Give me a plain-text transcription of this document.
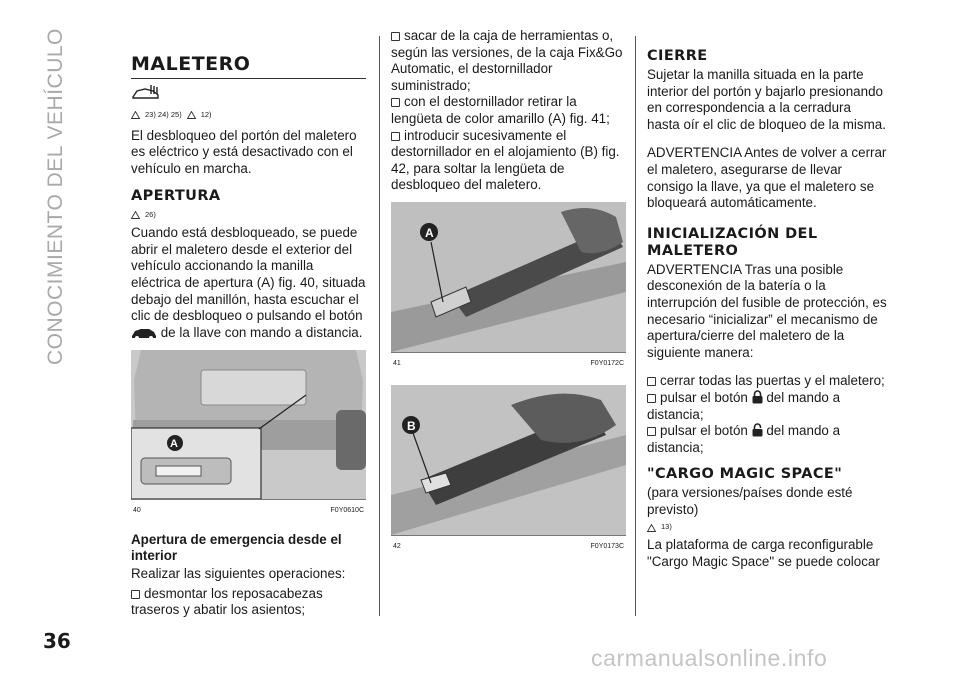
CONOCIMIENTO DEL VEHÍCULO
36
carmanualsonline.info
MALETERO
23) 24) 25)	12)

El desbloqueo del portón del maletero es eléctrico y está desactivado con el vehículo en marcha.

APERTURA
26)

Cuando está desbloqueado, se puede abrir el maletero desde el exterior del vehículo accionando la manilla eléctrica de apertura (A) fig. 40, situada debajo del manillón, hasta escuchar el clic de desbloqueo o pulsando el botón  de la llave con mando a distancia.

A
40	F0Y0610C
Apertura de emergencia desde el interior

Realizar las siguientes operaciones:

desmontar los reposacabezas traseros y abatir los asientos;

sacar de la caja de herramientas o, según las versiones, de la caja Fix&Go Automatic, el destornillador suministrado;

con el destornillador retirar la lengüeta de color amarillo (A) fig. 41;

introducir sucesivamente el destornillador en el alojamiento (B) fig. 42, para soltar la lengüeta de desbloqueo del maletero.

A
41	F0Y0172C
B
42	F0Y0173C
CIERRE

Sujetar la manilla situada en la parte interior del portón y bajarlo presionando en correspondencia a la cerradura hasta oír el clic de bloqueo de la misma.

ADVERTENCIA Antes de volver a cerrar el maletero, asegurarse de llevar consigo la llave, ya que el maletero se bloqueará automáticamente.

INICIALIZACIÓN DEL MALETERO

ADVERTENCIA Tras una posible desconexión de la batería o la interrupción del fusible de protección, es necesario “inicializar” el mecanismo de apertura/cierre del maletero de la siguiente manera:

cerrar todas las puertas y el maletero;

pulsar el botón del mando a distancia;

pulsar el botón del mando a distancia;

"CARGO MAGIC SPACE"

(para versiones/países donde esté previsto)

13)

La plataforma de carga reconfigurable "Cargo Magic Space" se puede colocar
